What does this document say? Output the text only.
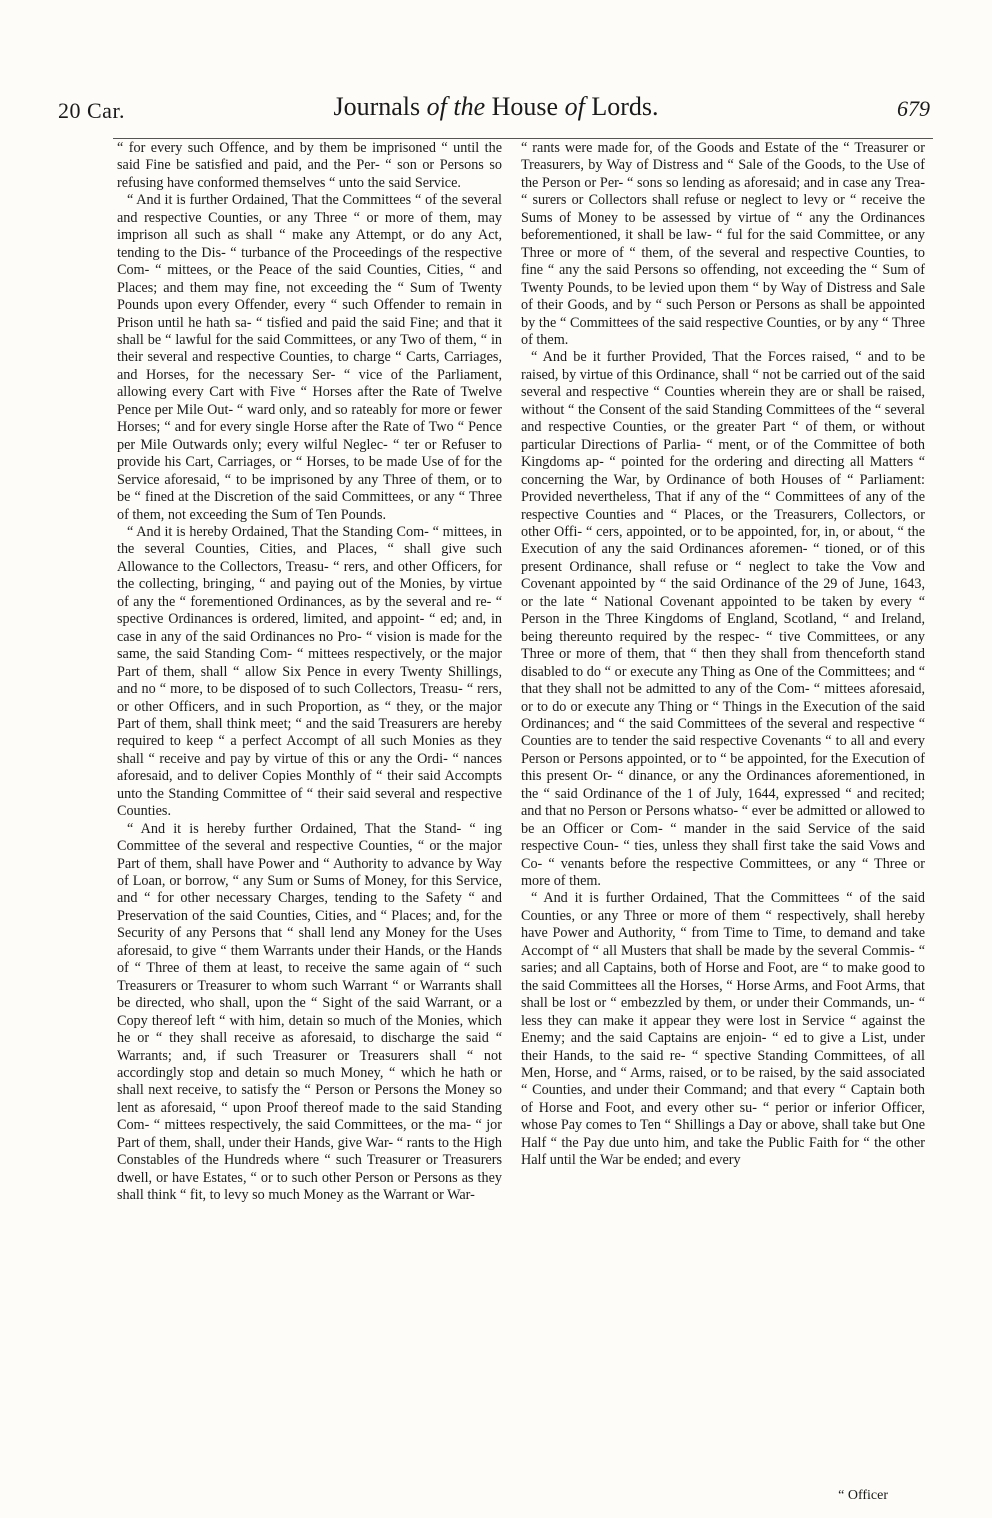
20 Car.	Journals of the House of Lords.	679

“ for every such Offence, and by them be imprisoned “ until the said Fine be satisfied and paid, and the Per- “ son or Persons so refusing have conformed themselves “ unto the said Service.

“ And it is further Ordained, That the Committees “ of the several and respective Counties, or any Three “ or more of them, may imprison all such as shall “ make any Attempt, or do any Act, tending to the Dis- “ turbance of the Proceedings of the respective Com- “ mittees, or the Peace of the said Counties, Cities, “ and Places; and them may fine, not exceeding the “ Sum of Twenty Pounds upon every Offender, every “ such Offender to remain in Prison until he hath sa- “ tisfied and paid the said Fine; and that it shall be “ lawful for the said Committees, or any Two of them, “ in their several and respective Counties, to charge “ Carts, Carriages, and Horses, for the necessary Ser- “ vice of the Parliament, allowing every Cart with Five “ Horses after the Rate of Twelve Pence per Mile Out- “ ward only, and so rateably for more or fewer Horses; “ and for every single Horse after the Rate of Two “ Pence per Mile Outwards only; every wilful Neglec- “ ter or Refuser to provide his Cart, Carriages, or “ Horses, to be made Use of for the Service aforesaid, “ to be imprisoned by any Three of them, or to be “ fined at the Discretion of the said Committees, or any “ Three of them, not exceeding the Sum of Ten Pounds.

“ And it is hereby Ordained, That the Standing Com- “ mittees, in the several Counties, Cities, and Places, “ shall give such Allowance to the Collectors, Treasu- “ rers, and other Officers, for the collecting, bringing, “ and paying out of the Monies, by virtue of any the “ forementioned Ordinances, as by the several and re- “ spective Ordinances is ordered, limited, and appoint- “ ed; and, in case in any of the said Ordinances no Pro- “ vision is made for the same, the said Standing Com- “ mittees respectively, or the major Part of them, shall “ allow Six Pence in every Twenty Shillings, and no “ more, to be disposed of to such Collectors, Treasu- “ rers, or other Officers, and in such Proportion, as “ they, or the major Part of them, shall think meet; “ and the said Treasurers are hereby required to keep “ a perfect Accompt of all such Monies as they shall “ receive and pay by virtue of this or any the Ordi- “ nances aforesaid, and to deliver Copies Monthly of “ their said Accompts unto the Standing Committee of “ their said several and respective Counties.

“ And it is hereby further Ordained, That the Stand- “ ing Committee of the several and respective Counties, “ or the major Part of them, shall have Power and “ Authority to advance by Way of Loan, or borrow, “ any Sum or Sums of Money, for this Service, and “ for other necessary Charges, tending to the Safety “ and Preservation of the said Counties, Cities, and “ Places; and, for the Security of any Persons that “ shall lend any Money for the Uses aforesaid, to give “ them Warrants under their Hands, or the Hands of “ Three of them at least, to receive the same again of “ such Treasurers or Treasurer to whom such Warrant “ or Warrants shall be directed, who shall, upon the “ Sight of the said Warrant, or a Copy thereof left “ with him, detain so much of the Monies, which he or “ they shall receive as aforesaid, to discharge the said “ Warrants; and, if such Treasurer or Treasurers shall “ not accordingly stop and detain so much Money, “ which he hath or shall next receive, to satisfy the “ Person or Persons the Money so lent as aforesaid, “ upon Proof thereof made to the said Standing Com- “ mittees respectively, the said Committees, or the ma- “ jor Part of them, shall, under their Hands, give War- “ rants to the High Constables of the Hundreds where “ such Treasurer or Treasurers dwell, or have Estates, “ or to such other Person or Persons as they shall think “ fit, to levy so much Money as the Warrant or War-

“ rants were made for, of the Goods and Estate of the “ Treasurer or Treasurers, by Way of Distress and “ Sale of the Goods, to the Use of the Person or Per- “ sons so lending as aforesaid; and in case any Trea- “ surers or Collectors shall refuse or neglect to levy or “ receive the Sums of Money to be assessed by virtue of “ any the Ordinances beforementioned, it shall be law- “ ful for the said Committee, or any Three or more of “ them, of the several and respective Counties, to fine “ any the said Persons so offending, not exceeding the “ Sum of Twenty Pounds, to be levied upon them “ by Way of Distress and Sale of their Goods, and by “ such Person or Persons as shall be appointed by the “ Committees of the said respective Counties, or by any “ Three of them.

“ And be it further Provided, That the Forces raised, “ and to be raised, by virtue of this Ordinance, shall “ not be carried out of the said several and respective “ Counties wherein they are or shall be raised, without “ the Consent of the said Standing Committees of the “ several and respective Counties, or the greater Part “ of them, or without particular Directions of Parlia- “ ment, or of the Committee of both Kingdoms ap- “ pointed for the ordering and directing all Matters “ concerning the War, by Ordinance of both Houses of “ Parliament: Provided nevertheless, That if any of the “ Committees of any of the respective Counties and “ Places, or the Treasurers, Collectors, or other Offi- “ cers, appointed, or to be appointed, for, in, or about, “ the Execution of any the said Ordinances aforemen- “ tioned, or of this present Ordinance, shall refuse or “ neglect to take the Vow and Covenant appointed by “ the said Ordinance of the 29 of June, 1643, or the late “ National Covenant appointed to be taken by every “ Person in the Three Kingdoms of England, Scotland, “ and Ireland, being thereunto required by the respec- “ tive Committees, or any Three or more of them, that “ then they shall from thenceforth stand disabled to do “ or execute any Thing as One of the Committees; and “ that they shall not be admitted to any of the Com- “ mittees aforesaid, or to do or execute any Thing or “ Things in the Execution of the said Ordinances; and “ the said Committees of the several and respective “ Counties are to tender the said respective Covenants “ to all and every Person or Persons appointed, or to “ be appointed, for the Execution of this present Or- “ dinance, or any the Ordinances aforementioned, in the “ said Ordinance of the 1 of July, 1644, expressed “ and recited; and that no Person or Persons whatso- “ ever be admitted or allowed to be an Officer or Com- “ mander in the said Service of the said respective Coun- “ ties, unless they shall first take the said Vows and Co- “ venants before the respective Committees, or any “ Three or more of them.

“ And it is further Ordained, That the Committees “ of the said Counties, or any Three or more of them “ respectively, shall hereby have Power and Authority, “ from Time to Time, to demand and take Accompt of “ all Musters that shall be made by the several Commis- “ saries; and all Captains, both of Horse and Foot, are “ to make good to the said Committees all the Horses, “ Horse Arms, and Foot Arms, that shall be lost or “ embezzled by them, or under their Commands, un- “ less they can make it appear they were lost in Service “ against the Enemy; and the said Captains are enjoin- “ ed to give a List, under their Hands, to the said re- “ spective Standing Committees, of all Men, Horse, and “ Arms, raised, or to be raised, by the said associated “ Counties, and under their Command; and that every “ Captain both of Horse and Foot, and every other su- “ perior or inferior Officer, whose Pay comes to Ten “ Shillings a Day or above, shall take but One Half “ the Pay due unto him, and take the Public Faith for “ the other Half until the War be ended; and every

“ Officer
